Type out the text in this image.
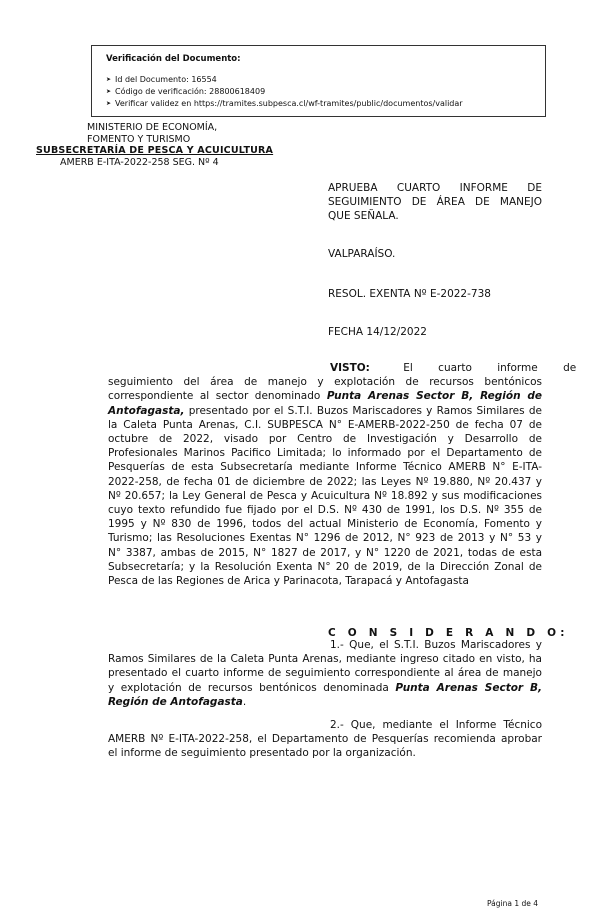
Verificación del Documento:
➤ Id del Documento: 16554
➤ Código de verificación: 28800618409
➤ Verificar validez en https://tramites.subpesca.cl/wf-tramites/public/documentos/validar
MINISTERIO DE ECONOMÍA,
FOMENTO Y TURISMO
SUBSECRETARÍA DE PESCA Y ACUICULTURA
AMERB E-ITA-2022-258 SEG. Nº 4
APRUEBA CUARTO INFORME DE
SEGUIMIENTO DE ÁREA DE MANEJO
QUE SEÑALA.
VALPARAÍSO.
RESOL. EXENTA Nº E-2022-738
FECHA 14/12/2022
VISTO:	El cuarto informe de
seguimiento del área de manejo y explotación de recursos bentónicos
correspondiente al sector denominado Punta Arenas Sector B, Región de
Antofagasta, presentado por el S.T.I. Buzos Mariscadores y Ramos Similares de
la Caleta Punta Arenas, C.I. SUBPESCA N° E-AMERB-2022-250 de fecha 07 de
octubre de 2022, visado por Centro de Investigación y Desarrollo de
Profesionales Marinos Pacifico Limitada; lo informado por el Departamento de
Pesquerías de esta Subsecretaría mediante Informe Técnico AMERB N° E-ITA-
2022-258, de fecha 01 de diciembre de 2022; las Leyes Nº 19.880, Nº 20.437 y
Nº 20.657; la Ley General de Pesca y Acuicultura Nº 18.892 y sus modificaciones
cuyo texto refundido fue fijado por el D.S. Nº 430 de 1991, los D.S. Nº 355 de
1995 y Nº 830 de 1996, todos del actual Ministerio de Economía, Fomento y
Turismo; las Resoluciones Exentas N° 1296 de 2012, N° 923 de 2013 y N° 53 y
N° 3387, ambas de 2015, N° 1827 de 2017, y N° 1220 de 2021, todas de esta
Subsecretaría; y la Resolución Exenta N° 20 de 2019, de la Dirección Zonal de
Pesca de las Regiones de Arica y Parinacota, Tarapacá y Antofagasta
C O N S I D E R A N D O:
1.- Que, el S.T.I. Buzos Mariscadores y
Ramos Similares de la Caleta Punta Arenas, mediante ingreso citado en visto, ha
presentado el cuarto informe de seguimiento correspondiente al área de manejo
y explotación de recursos bentónicos denominada Punta Arenas Sector B,
Región de Antofagasta.
2.- Que, mediante el Informe Técnico
AMERB Nº E-ITA-2022-258, el Departamento de Pesquerías recomienda aprobar
el informe de seguimiento presentado por la organización.
Página 1 de 4
